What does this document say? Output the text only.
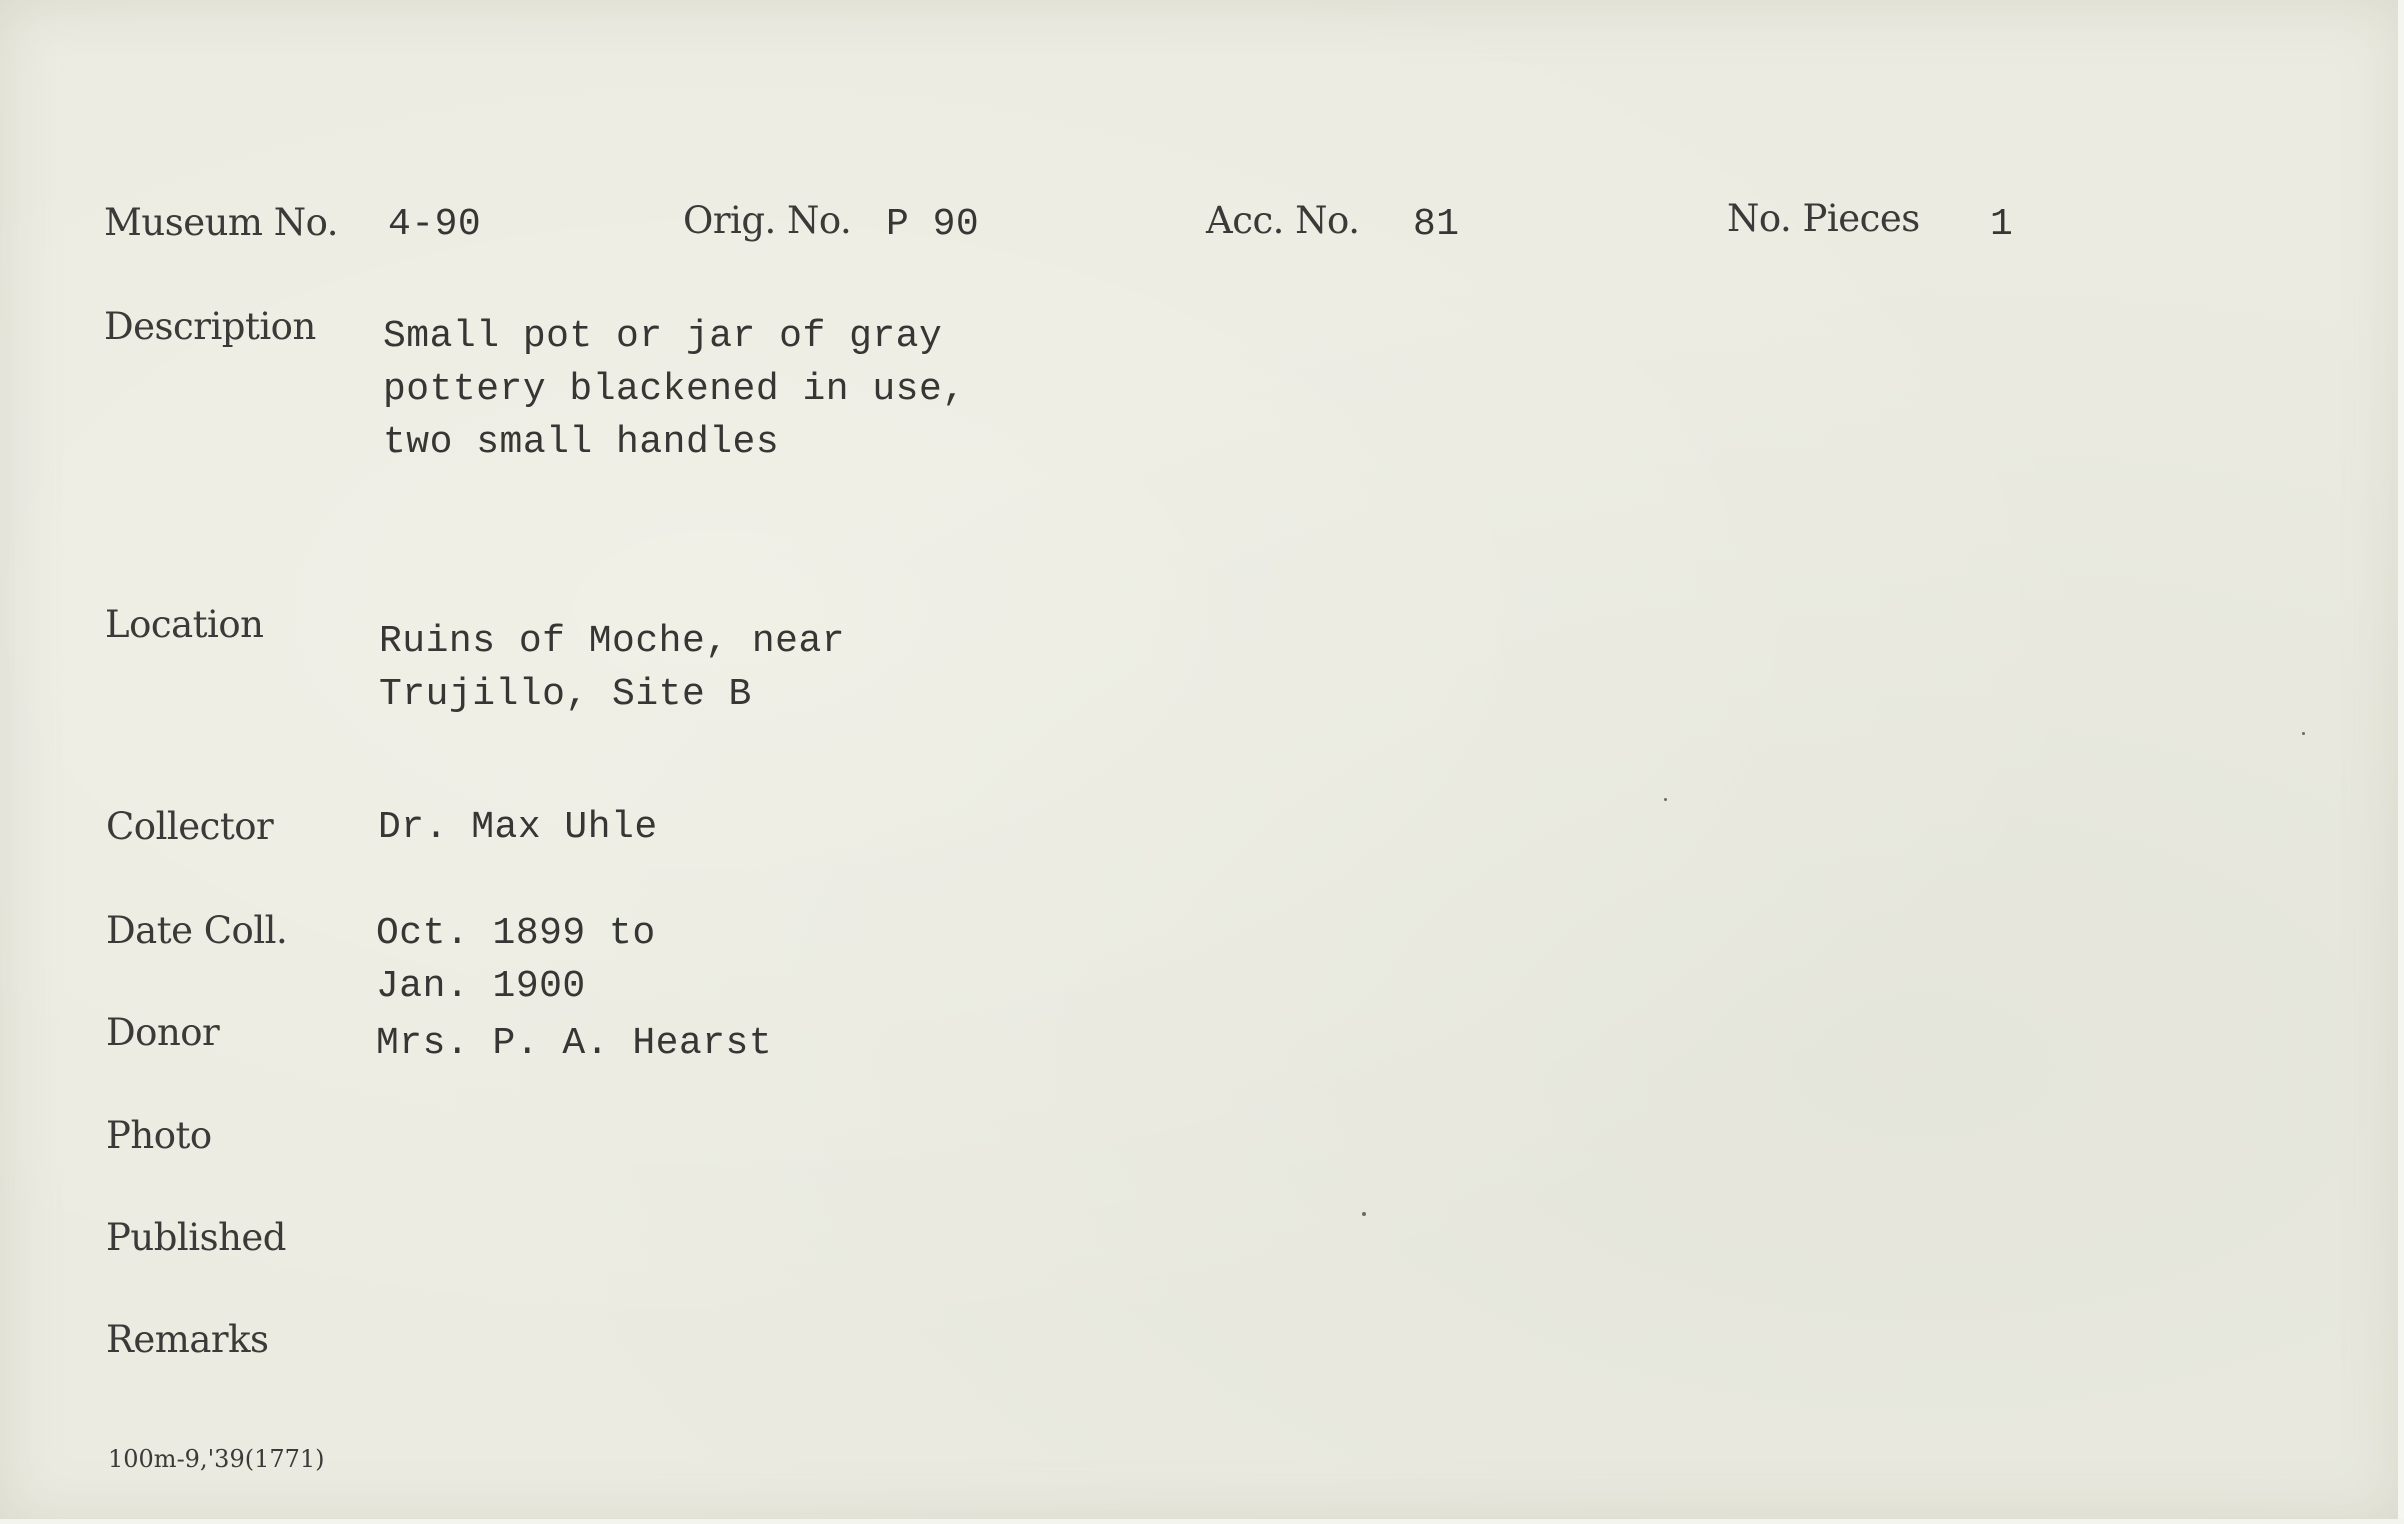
Museum No. 4-90	Orig. No. P 90	Acc. No. 81	No. Pieces 1
Description Small pot or jar of gray
pottery blackened in use,
two small handles
Location	Ruins of Moche, near
Trujillo, Site B
Collector	Dr. Max Uhle
Date Coll. Oct. 1899 to
Jan. 1900
Donor	Mrs. P. A. Hearst
Photo
Published
Remarks
100m-9,'39(1771)
